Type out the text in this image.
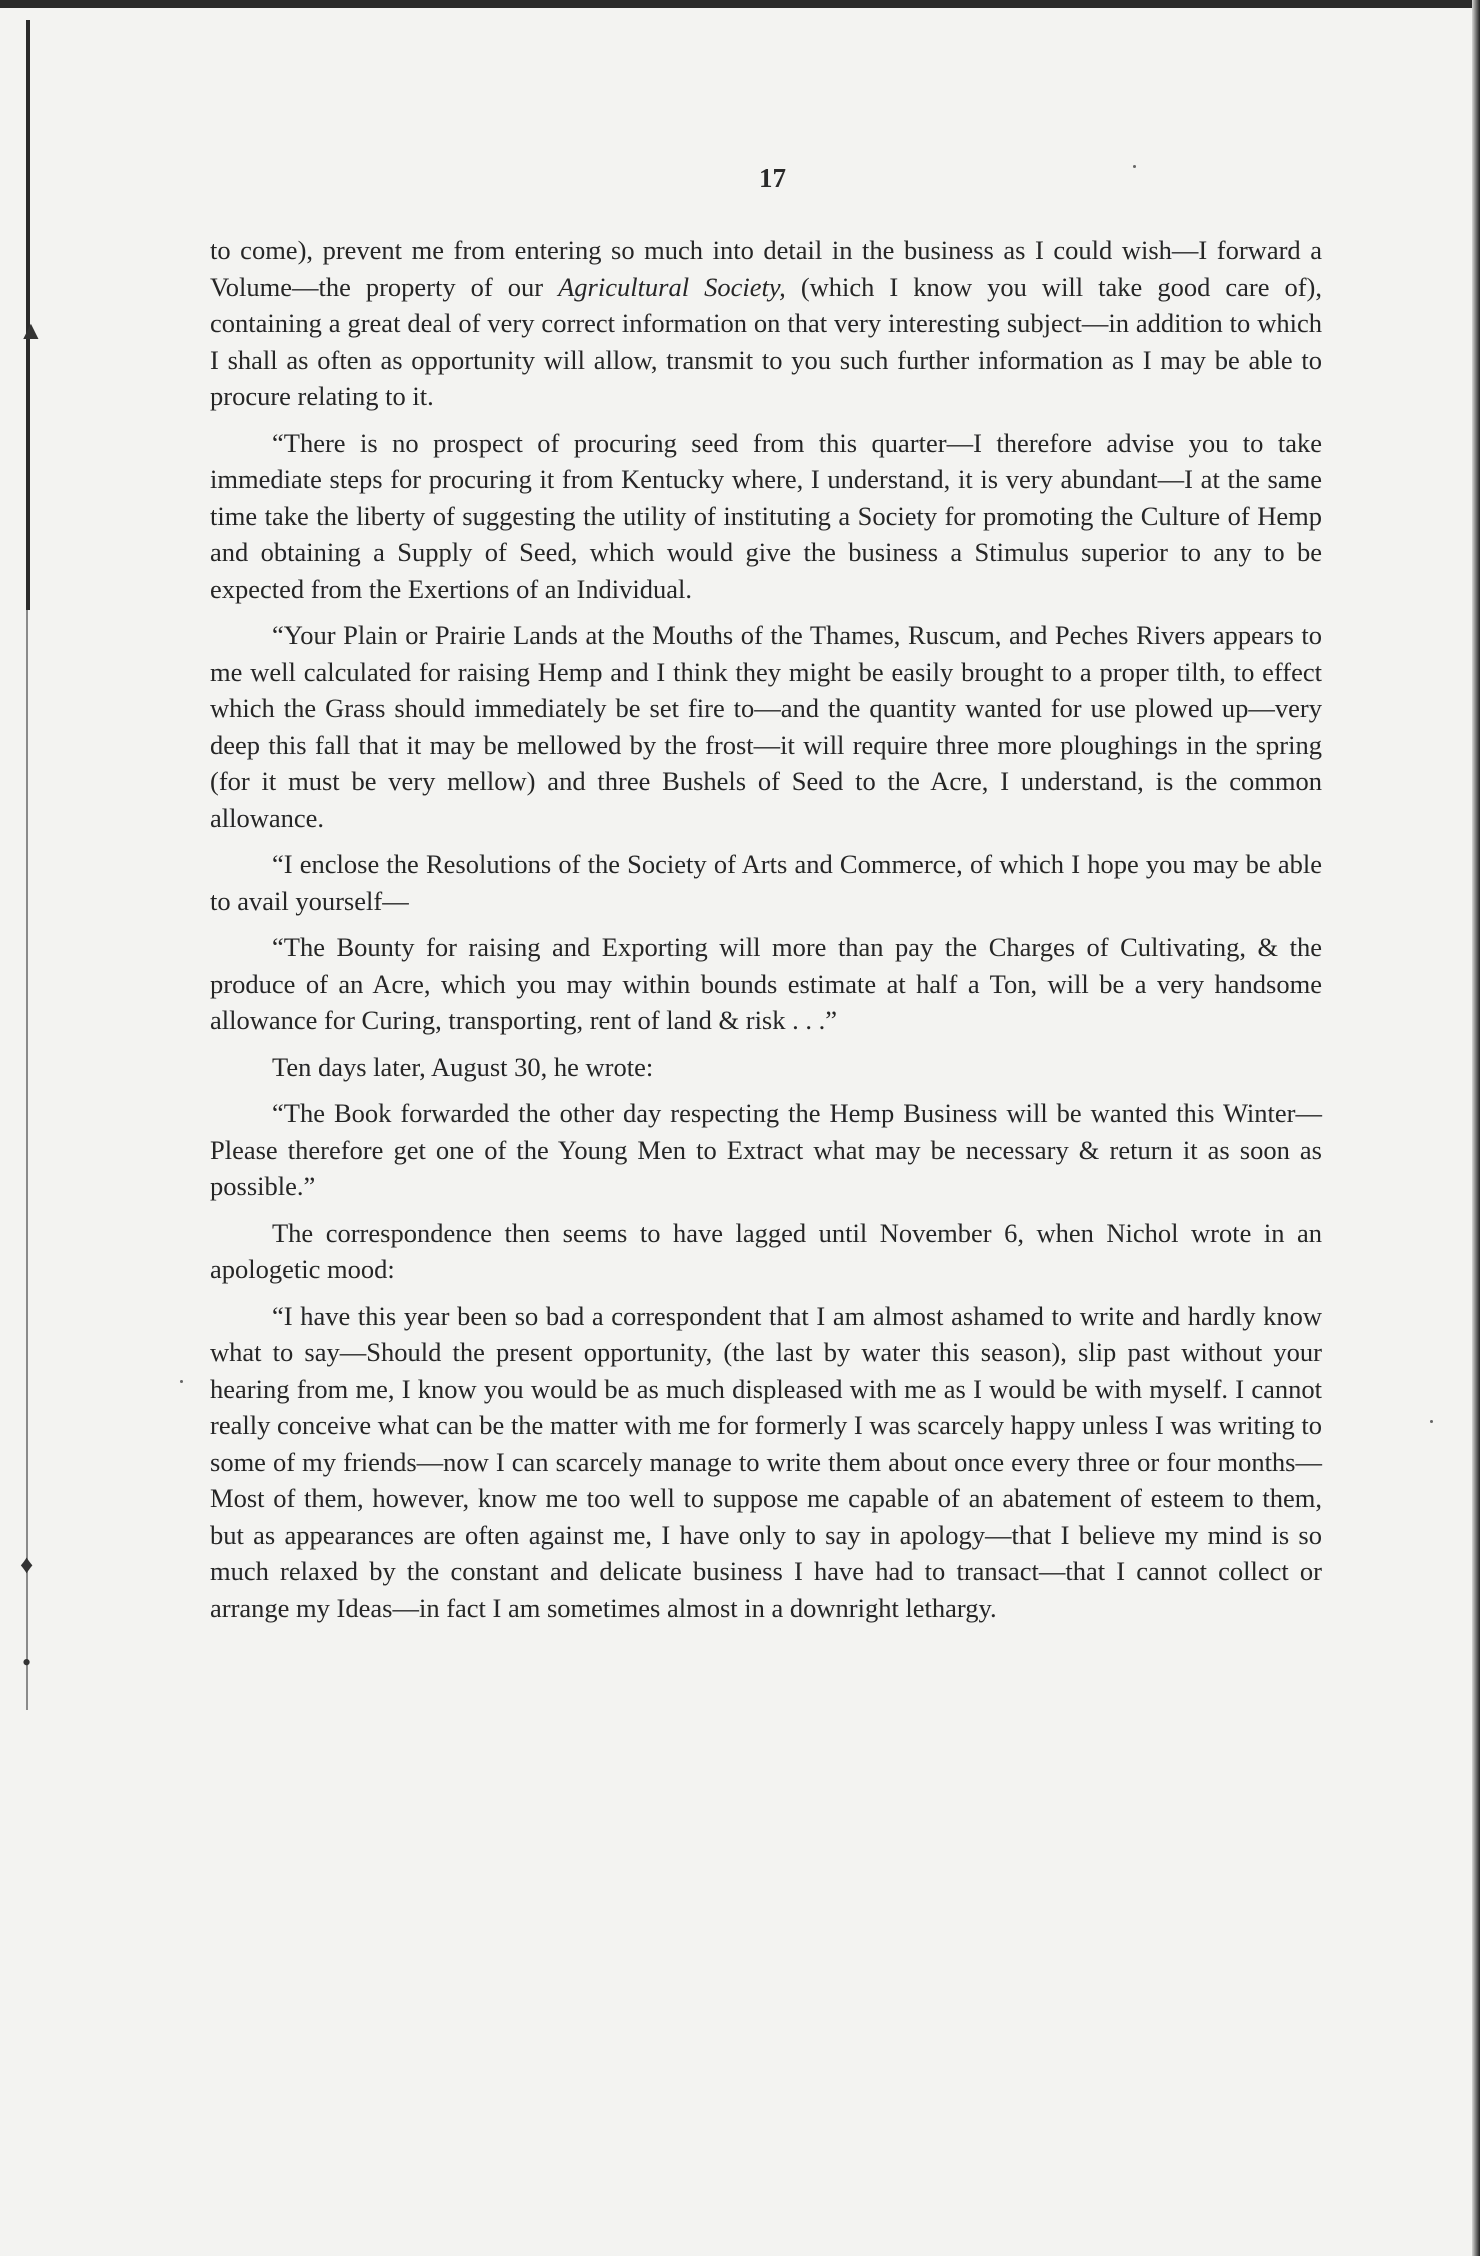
▲
♦
•
17

to come), prevent me from entering so much into detail in the business as I could wish—I forward a Volume—the property of our Agricultural Society, (which I know you will take good care of), containing a great deal of very correct information on that very interesting subject—in addition to which I shall as often as opportunity will allow, transmit to you such further information as I may be able to procure relating to it.

“There is no prospect of procuring seed from this quarter—I therefore advise you to take immediate steps for procuring it from Kentucky where, I understand, it is very abundant—I at the same time take the liberty of suggesting the utility of instituting a Society for promoting the Culture of Hemp and obtaining a Supply of Seed, which would give the business a Stimulus superior to any to be expected from the Exertions of an Individual.

“Your Plain or Prairie Lands at the Mouths of the Thames, Ruscum, and Peches Rivers appears to me well calculated for raising Hemp and I think they might be easily brought to a proper tilth, to effect which the Grass should immediately be set fire to—and the quantity wanted for use plowed up—very deep this fall that it may be mellowed by the frost—it will require three more ploughings in the spring (for it must be very mellow) and three Bushels of Seed to the Acre, I understand, is the common allowance.

“I enclose the Resolutions of the Society of Arts and Commerce, of which I hope you may be able to avail yourself—

“The Bounty for raising and Exporting will more than pay the Charges of Cultivating, & the produce of an Acre, which you may within bounds estimate at half a Ton, will be a very handsome allowance for Curing, transporting, rent of land & risk . . .”

Ten days later, August 30, he wrote:

“The Book forwarded the other day respecting the Hemp Business will be wanted this Winter—Please therefore get one of the Young Men to Extract what may be necessary & return it as soon as possible.”

The correspondence then seems to have lagged until November 6, when Nichol wrote in an apologetic mood:

“I have this year been so bad a correspondent that I am almost ashamed to write and hardly know what to say—Should the present opportunity, (the last by water this season), slip past without your hearing from me, I know you would be as much displeased with me as I would be with myself. I cannot really conceive what can be the matter with me for formerly I was scarcely happy unless I was writing to some of my friends—now I can scarcely manage to write them about once every three or four months—Most of them, however, know me too well to suppose me capable of an abatement of esteem to them, but as appearances are often against me, I have only to say in apology—that I believe my mind is so much relaxed by the constant and delicate business I have had to transact—that I cannot collect or arrange my Ideas—in fact I am sometimes almost in a downright lethargy.
